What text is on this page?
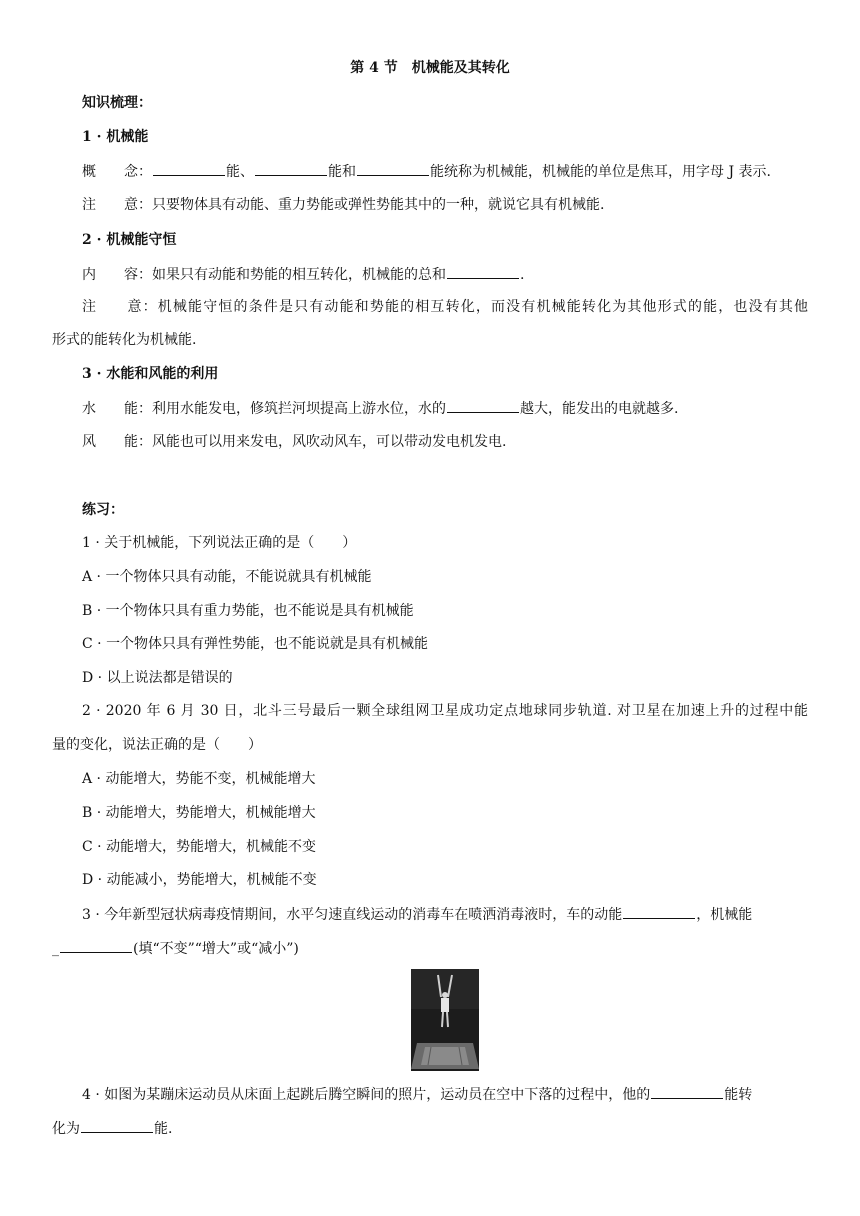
第 4 节　机械能及其转化
知识梳理：
1 · 机械能
概　　念：	能、	能和	能统称为机械能，机械能的单位是焦耳，用字母 J 表示.
注　　意：只要物体具有动能、重力势能或弹性势能其中的一种，就说它具有机械能.
2 · 机械能守恒
内　　容：如果只有动能和势能的相互转化，机械能的总和	.
注　　意：机械能守恒的条件是只有动能和势能的相互转化，而没有机械能转化为其他形式的能，也没有其他
形式的能转化为机械能.
3 · 水能和风能的利用
水　　能：利用水能发电，修筑拦河坝提高上游水位，水的	越大，能发出的电就越多.
风　　能：风能也可以用来发电，风吹动风车，可以带动发电机发电.
练习：
1 · 关于机械能，下列说法正确的是（　　）
A · 一个物体只具有动能，不能说就具有机械能
B · 一个物体只具有重力势能，也不能说是具有机械能
C · 一个物体只具有弹性势能，也不能说就是具有机械能
D · 以上说法都是错误的
2 · 2020 年 6 月 30 日，北斗三号最后一颗全球组网卫星成功定点地球同步轨道. 对卫星在加速上升的过程中能
量的变化，说法正确的是（　　）
A · 动能增大，势能不变，机械能增大
B · 动能增大，势能增大，机械能增大
C · 动能增大，势能增大，机械能不变
D · 动能减小，势能增大，机械能不变
3 · 今年新型冠状病毒疫情期间，水平匀速直线运动的消毒车在喷洒消毒液时，车的动能	，机械能
_	(填“不变”“增大”或“减小”)
4 · 如图为某蹦床运动员从床面上起跳后腾空瞬间的照片，运动员在空中下落的过程中，他的	能转
化为	能.
